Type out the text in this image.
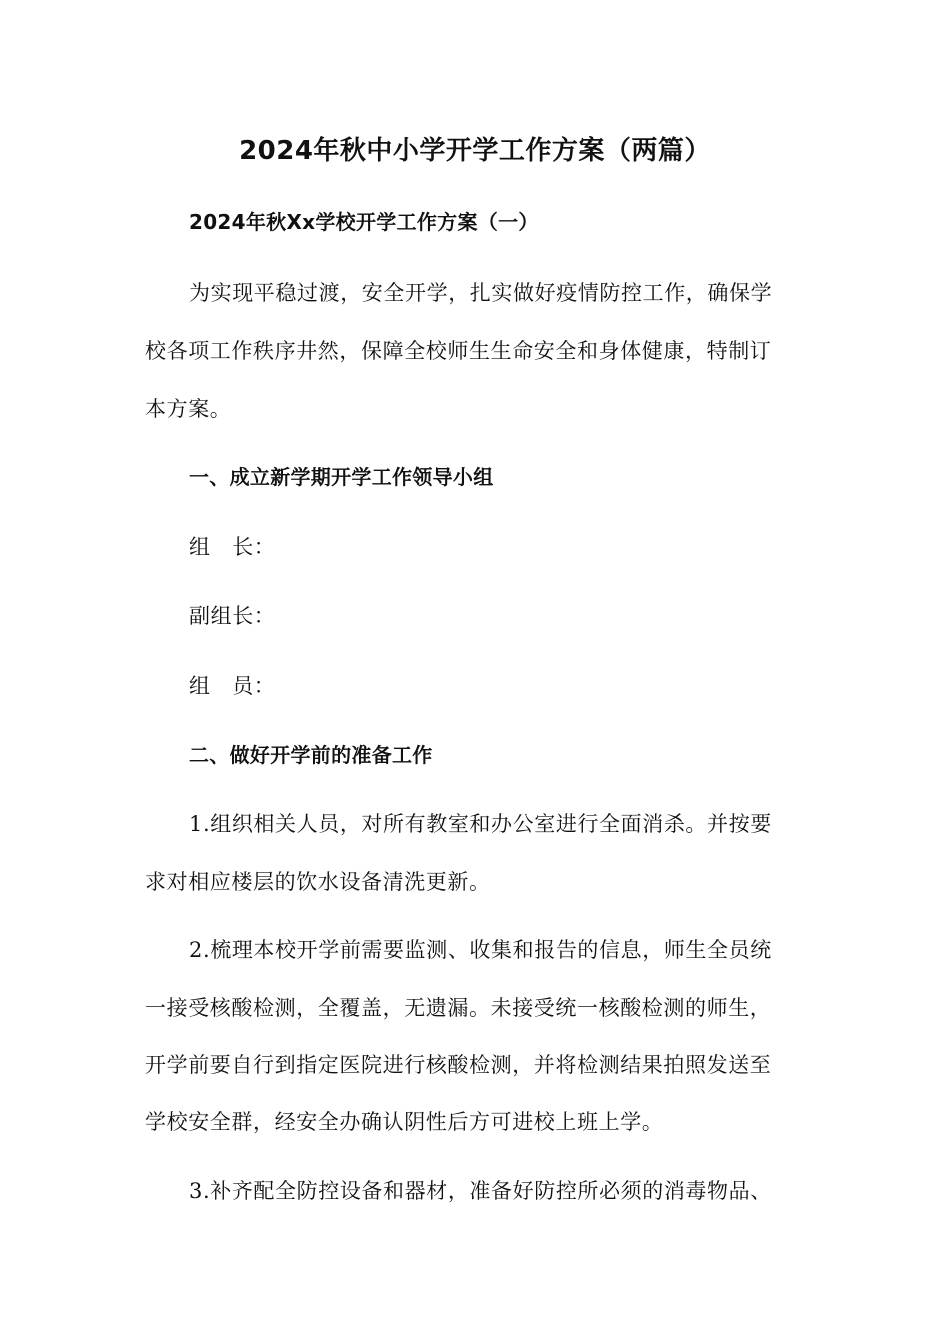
2024年秋中小学开学工作方案（两篇）
2024年秋Xx学校开学工作方案（一）
为实现平稳过渡，安全开学，扎实做好疫情防控工作，确保学
校各项工作秩序井然，保障全校师生生命安全和身体健康，特制订
本方案。
一、成立新学期开学工作领导小组
组　长：
副组长：
组　员：
二、做好开学前的准备工作
1.组织相关人员，对所有教室和办公室进行全面消杀。并按要
求对相应楼层的饮水设备清洗更新。
2.梳理本校开学前需要监测、收集和报告的信息，师生全员统
一接受核酸检测，全覆盖，无遗漏。未接受统一核酸检测的师生，
开学前要自行到指定医院进行核酸检测，并将检测结果拍照发送至
学校安全群，经安全办确认阴性后方可进校上班上学。
3.补齐配全防控设备和器材，准备好防控所必须的消毒物品、
